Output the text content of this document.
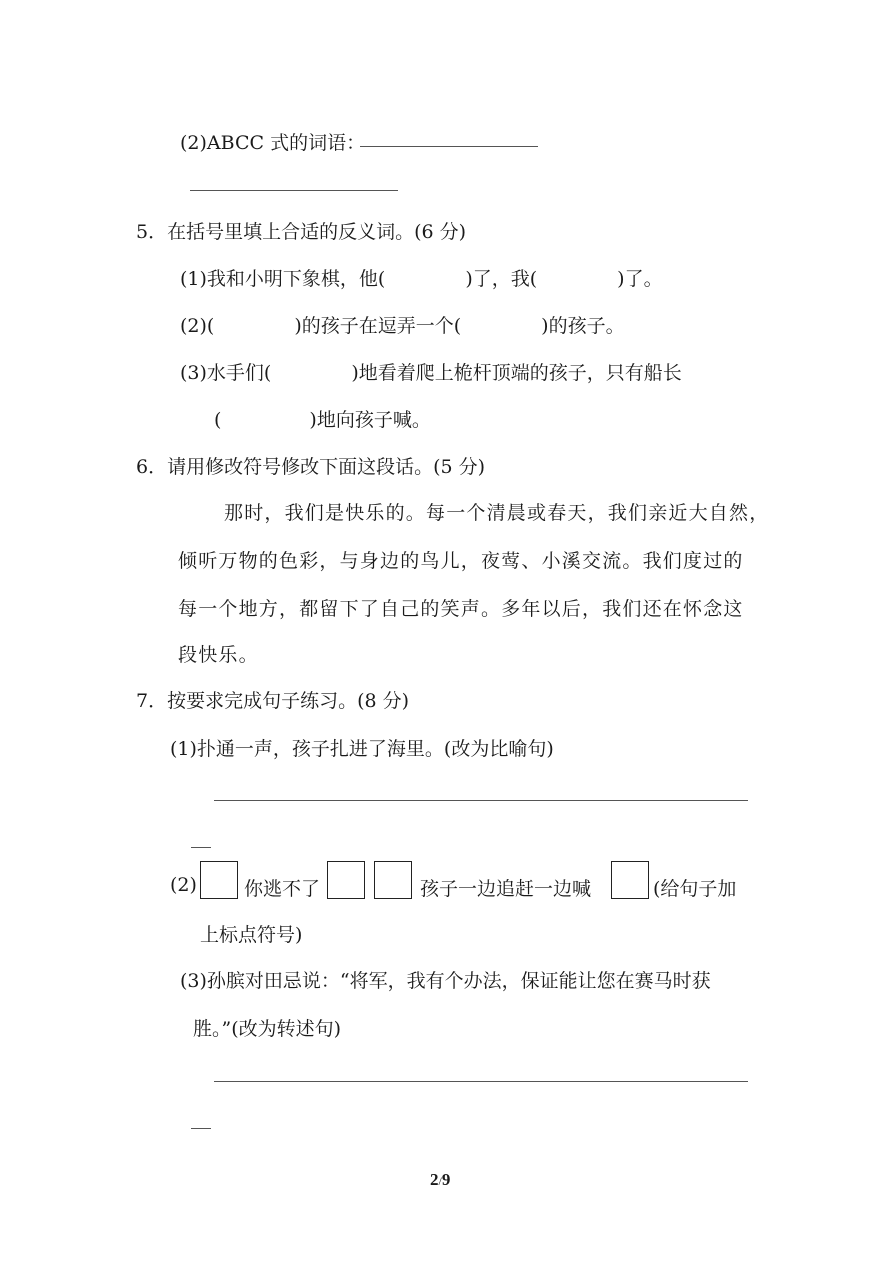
(2)ABCC 式的词语：
5．在括号里填上合适的反义词。(6 分)
(1)我和小明下象棋，他(	)了，我(	)了。
(2)(	)的孩子在逗弄一个(	)的孩子。
(3)水手们(	)地看着爬上桅杆顶端的孩子，只有船长
(	)地向孩子喊。
6．请用修改符号修改下面这段话。(5 分)
那时，我们是快乐的。每一个清晨或春天，我们亲近大自然，
倾听万物的色彩，与身边的鸟儿，夜莺、小溪交流。我们度过的
每一个地方，都留下了自己的笑声。多年以后，我们还在怀念这
段快乐。
7．按要求完成句子练习。(8 分)
(1)扑通一声，孩子扎进了海里。(改为比喻句)
(2) 你逃不了	孩子一边追赶一边喊	(给句子加
上标点符号)
(3)孙膑对田忌说：“将军，我有个办法，保证能让您在赛马时获
胜。”(改为转述句)
2/9
